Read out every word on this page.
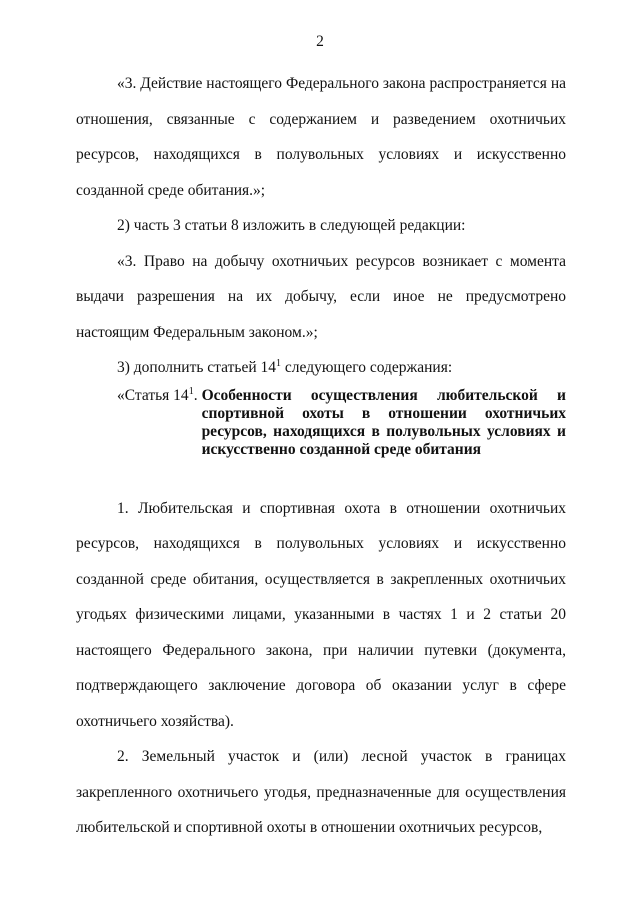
2

«3. Действие настоящего Федерального закона распространяется на отношения, связанные с содержанием и разведением охотничьих ресурсов, находящихся в полувольных условиях и искусственно созданной среде обитания.»;

2) часть 3 статьи 8 изложить в следующей редакции:

«3. Право на добычу охотничьих ресурсов возникает с момента выдачи разрешения на их добычу, если иное не предусмотрено настоящим Федеральным законом.»;

3) дополнить статьей $14^1$ следующего содержания:

«Статья $14^1$. Особенности осуществления любительской и спортивной охоты в отношении охотничьих ресурсов, находящихся в полувольных условиях и искусственно созданной среде обитания

1. Любительская и спортивная охота в отношении охотничьих ресурсов, находящихся в полувольных условиях и искусственно созданной среде обитания, осуществляется в закрепленных охотничьих угодьях физическими лицами, указанными в частях 1 и 2 статьи 20 настоящего Федерального закона, при наличии путевки (документа, подтверждающего заключение договора об оказании услуг в сфере охотничьего хозяйства).

2. Земельный участок и (или) лесной участок в границах закрепленного охотничьего угодья, предназначенные для осуществления любительской и спортивной охоты в отношении охотничьих ресурсов,
